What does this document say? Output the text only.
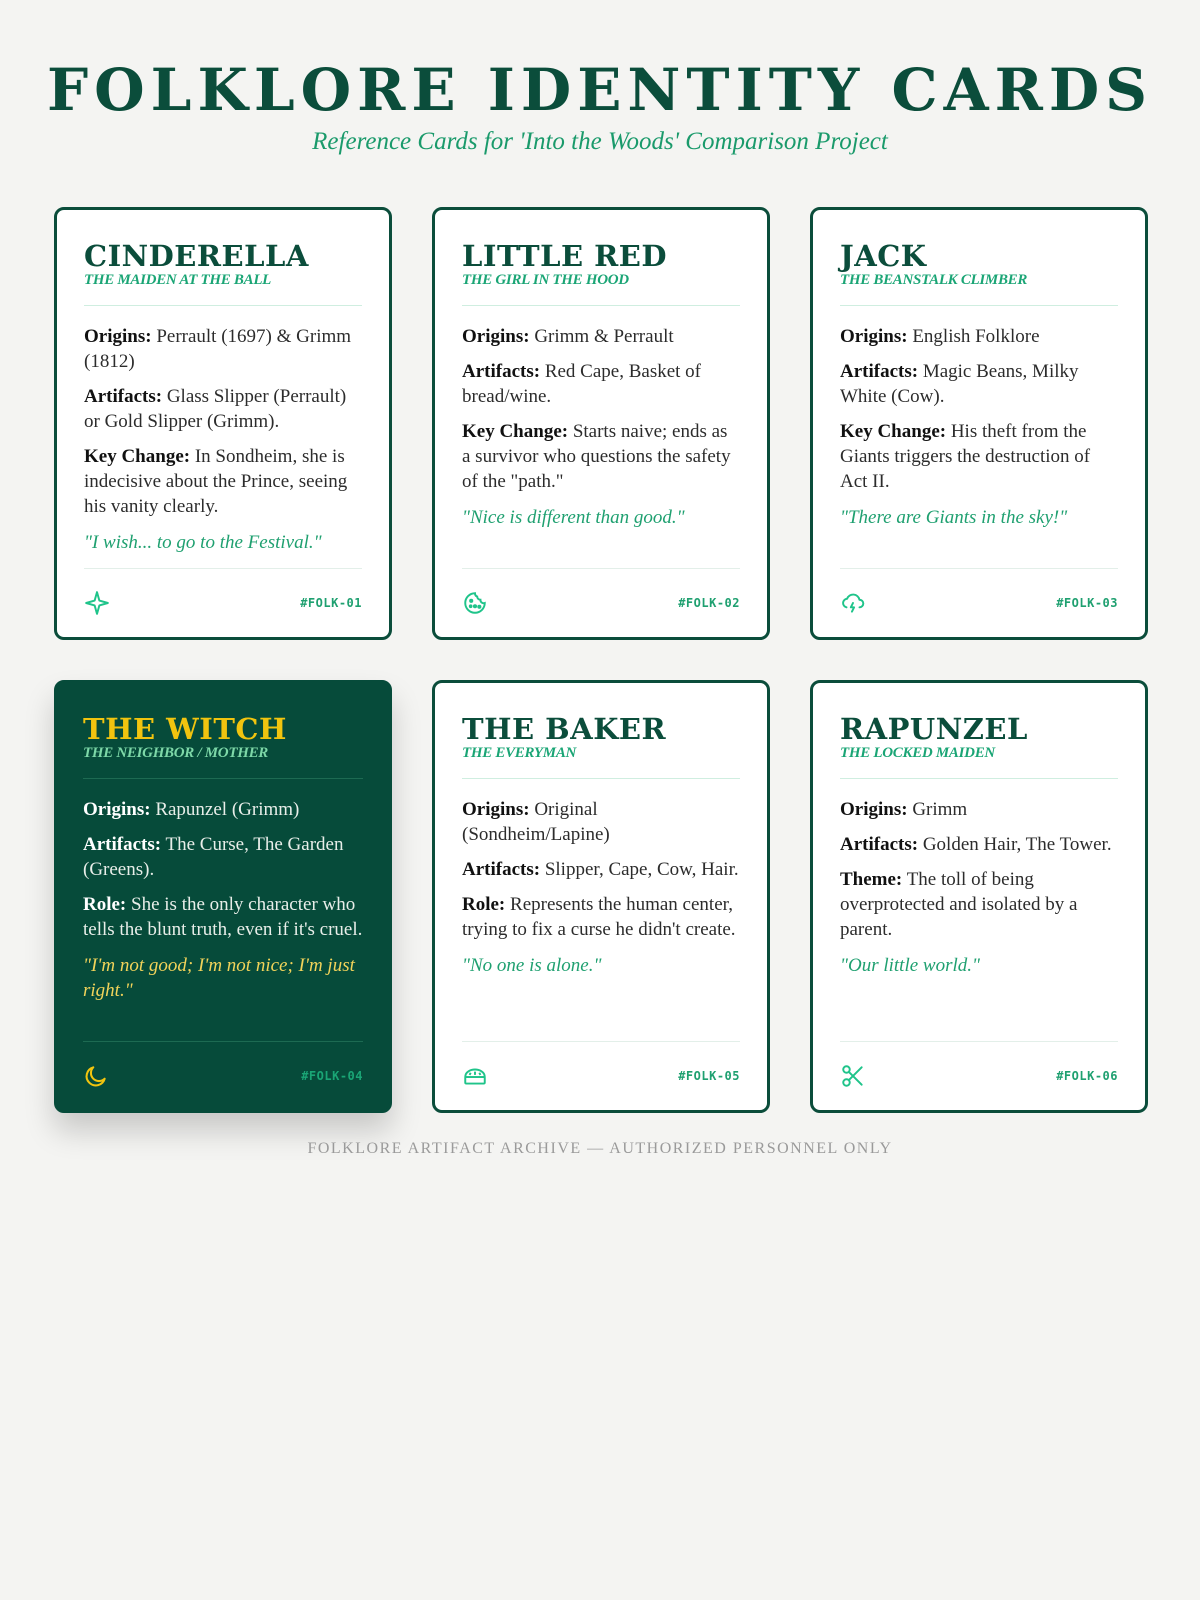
FOLKLORE IDENTITY CARDS
Reference Cards for 'Into the Woods' Comparison Project
CINDERELLA
THE MAIDEN AT THE BALL
Origins: Perrault (1697) & Grimm (1812)
Artifacts: Glass Slipper (Perrault) or Gold Slipper (Grimm).
Key Change: In Sondheim, she is indecisive about the Prince, seeing his vanity clearly.
"I wish... to go to the Festival."
#FOLK-01
LITTLE RED
THE GIRL IN THE HOOD
Origins: Grimm & Perrault
Artifacts: Red Cape, Basket of bread/wine.
Key Change: Starts naive; ends as a survivor who questions the safety of the "path."
"Nice is different than good."
#FOLK-02
JACK
THE BEANSTALK CLIMBER
Origins: English Folklore
Artifacts: Magic Beans, Milky White (Cow).
Key Change: His theft from the Giants triggers the destruction of Act II.
"There are Giants in the sky!"
#FOLK-03
THE WITCH
THE NEIGHBOR / MOTHER
Origins: Rapunzel (Grimm)
Artifacts: The Curse, The Garden (Greens).
Role: She is the only character who tells the blunt truth, even if it's cruel.
"I'm not good; I'm not nice; I'm just right."
#FOLK-04
THE BAKER
THE EVERYMAN
Origins: Original (Sondheim/Lapine)
Artifacts: Slipper, Cape, Cow, Hair.
Role: Represents the human center, trying to fix a curse he didn't create.
"No one is alone."
#FOLK-05
RAPUNZEL
THE LOCKED MAIDEN
Origins: Grimm
Artifacts: Golden Hair, The Tower.
Theme: The toll of being overprotected and isolated by a parent.
"Our little world."
#FOLK-06
FOLKLORE ARTIFACT ARCHIVE — AUTHORIZED PERSONNEL ONLY
